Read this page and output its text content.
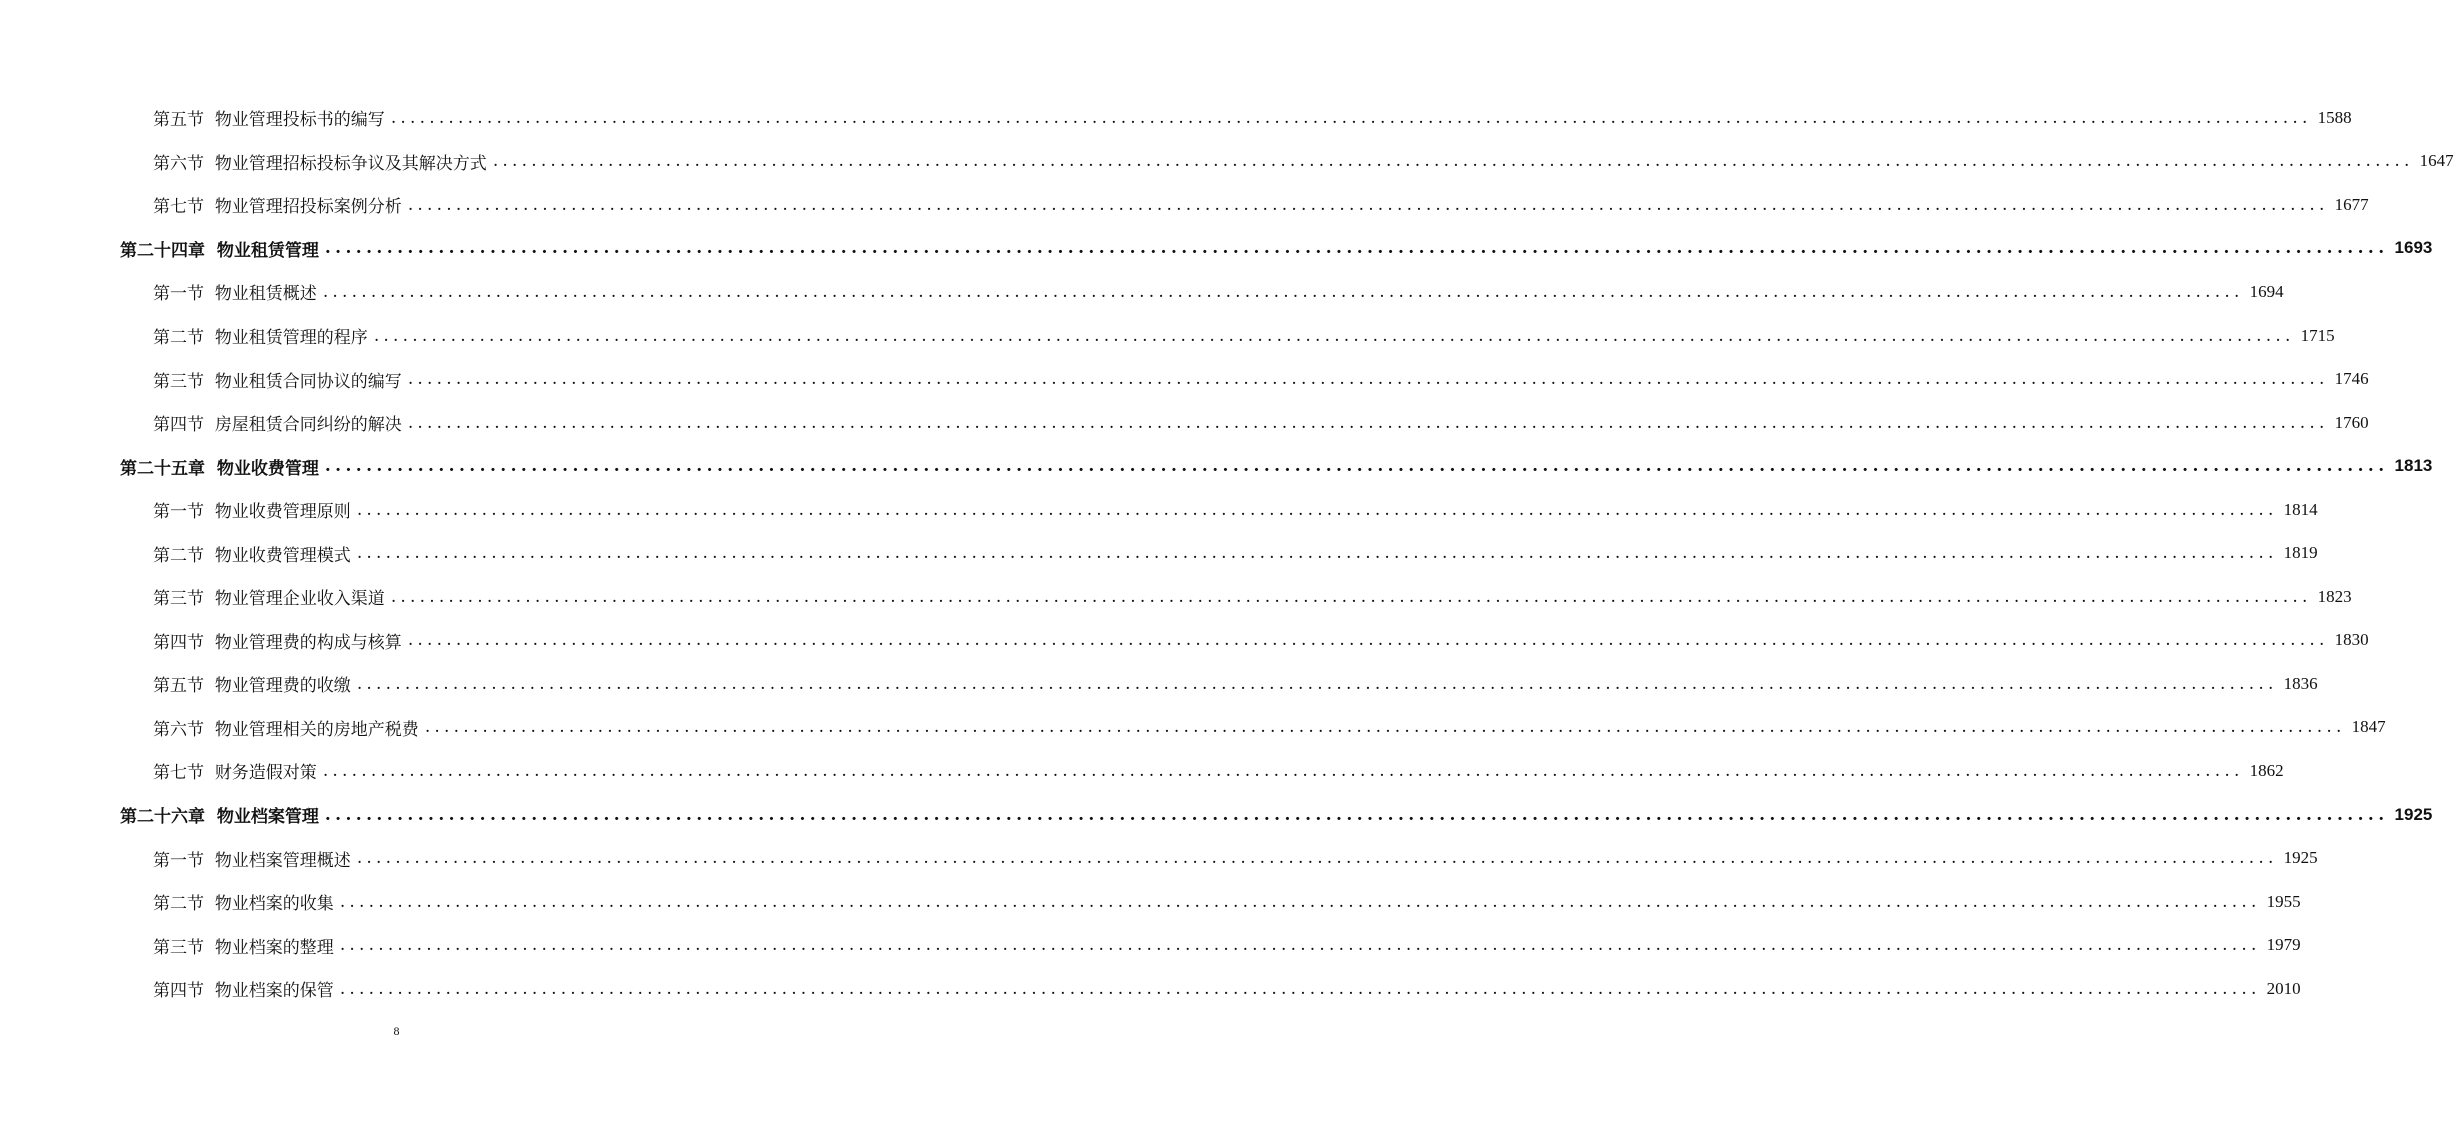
第五节
物业管理投标书的编写 ........................................................................................................................................................................................................ 1588
第六节
物业管理招标投标争议及其解决方式 ........................................................................................................................................................................................................ 1647
第七节
物业管理招投标案例分析 ........................................................................................................................................................................................................ 1677
第二十四章
物业租赁管理 ........................................................................................................................................................................................................ 1693
第一节
物业租赁概述 ........................................................................................................................................................................................................ 1694
第二节
物业租赁管理的程序 ........................................................................................................................................................................................................ 1715
第三节
物业租赁合同协议的编写 ........................................................................................................................................................................................................ 1746
第四节
房屋租赁合同纠纷的解决 ........................................................................................................................................................................................................ 1760
第二十五章
物业收费管理 ........................................................................................................................................................................................................ 1813
第一节
物业收费管理原则 ........................................................................................................................................................................................................ 1814
第二节
物业收费管理模式 ........................................................................................................................................................................................................ 1819
第三节
物业管理企业收入渠道 ........................................................................................................................................................................................................ 1823
第四节
物业管理费的构成与核算 ........................................................................................................................................................................................................ 1830
第五节
物业管理费的收缴 ........................................................................................................................................................................................................ 1836
第六节
物业管理相关的房地产税费 ........................................................................................................................................................................................................ 1847
第七节
财务造假对策 ........................................................................................................................................................................................................ 1862
第二十六章
物业档案管理 ........................................................................................................................................................................................................ 1925
第一节
物业档案管理概述 ........................................................................................................................................................................................................ 1925
第二节
物业档案的收集 ........................................................................................................................................................................................................ 1955
第三节
物业档案的整理 ........................................................................................................................................................................................................ 1979
第四节
物业档案的保管 ........................................................................................................................................................................................................ 2010
8
